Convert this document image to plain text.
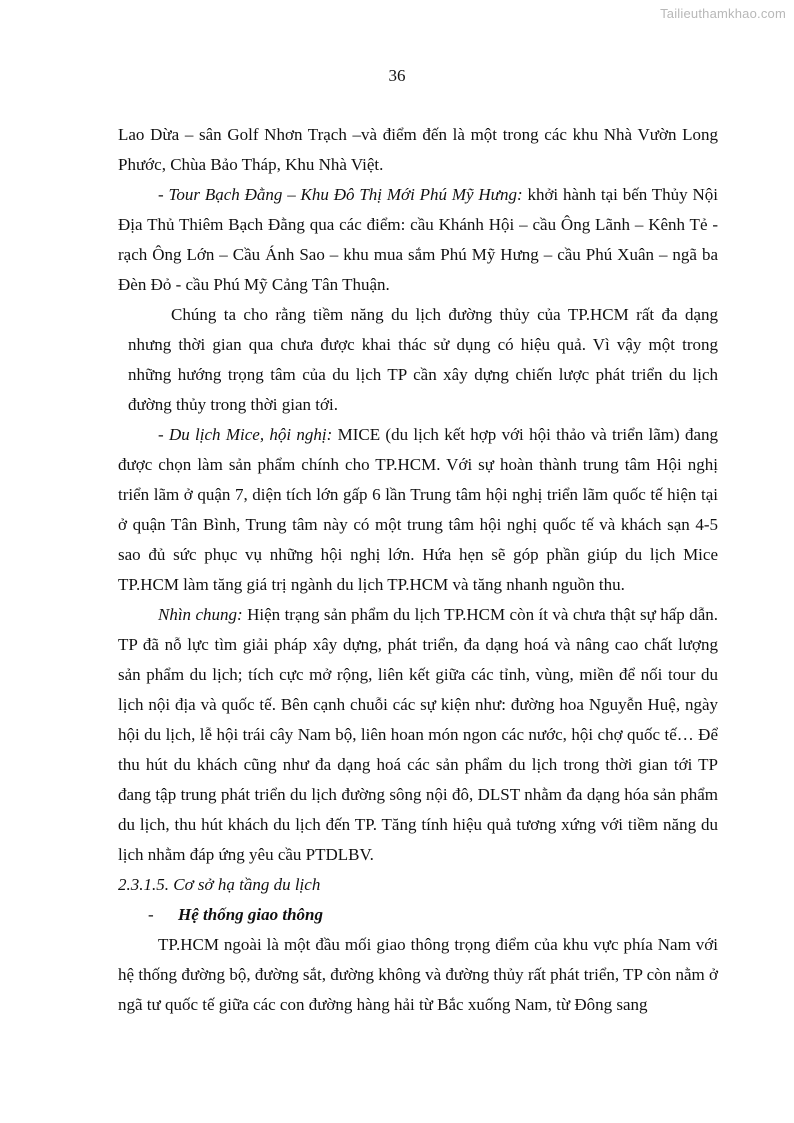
Tailieuthamkhao.com
36

Lao Dừa – sân Golf Nhơn Trạch –và điểm đến là một trong các khu Nhà Vườn Long Phước, Chùa Bảo Tháp, Khu Nhà Việt.

- Tour Bạch Đằng – Khu Đô Thị Mới Phú Mỹ Hưng: khởi hành tại bến Thủy Nội Địa Thủ Thiêm Bạch Đằng qua các điểm: cầu Khánh Hội – cầu Ông Lãnh – Kênh Tẻ - rạch Ông Lớn – Cầu Ánh Sao – khu mua sắm Phú Mỹ Hưng – cầu Phú Xuân – ngã ba Đèn Đỏ - cầu Phú Mỹ Cảng Tân Thuận.

Chúng ta cho rằng tiềm năng du lịch đường thủy của TP.HCM rất đa dạng nhưng thời gian qua chưa được khai thác sử dụng có hiệu quả. Vì vậy một trong những hướng trọng tâm của du lịch TP cần xây dựng chiến lược phát triển du lịch đường thủy trong thời gian tới.

- Du lịch Mice, hội nghị: MICE (du lịch kết hợp với hội thảo và triển lãm) đang được chọn làm sản phẩm chính cho TP.HCM. Với sự hoàn thành trung tâm Hội nghị triển lãm ở quận 7, diện tích lớn gấp 6 lần Trung tâm hội nghị triển lãm quốc tế hiện tại ở quận Tân Bình, Trung tâm này có một trung tâm hội nghị quốc tế và khách sạn 4-5 sao đủ sức phục vụ những hội nghị lớn. Hứa hẹn sẽ góp phần giúp du lịch Mice TP.HCM làm tăng giá trị ngành du lịch TP.HCM và tăng nhanh nguồn thu.

Nhìn chung: Hiện trạng sản phẩm du lịch TP.HCM còn ít và chưa thật sự hấp dẫn. TP đã nỗ lực tìm giải pháp xây dựng, phát triển, đa dạng hoá và nâng cao chất lượng sản phẩm du lịch; tích cực mở rộng, liên kết giữa các tỉnh, vùng, miền để nối tour du lịch nội địa và quốc tế. Bên cạnh chuỗi các sự kiện như: đường hoa Nguyễn Huệ, ngày hội du lịch, lễ hội trái cây Nam bộ, liên hoan món ngon các nước, hội chợ quốc tế… Để thu hút du khách cũng như đa dạng hoá các sản phẩm du lịch trong thời gian tới TP đang tập trung phát triển du lịch đường sông nội đô, DLST nhằm đa dạng hóa sản phẩm du lịch, thu hút khách du lịch đến TP. Tăng tính hiệu quả tương xứng với tiềm năng du lịch nhằm đáp ứng yêu cầu PTDLBV.

2.3.1.5. Cơ sở hạ tầng du lịch

- Hệ thống giao thông

TP.HCM ngoài là một đầu mối giao thông trọng điểm của khu vực phía Nam với hệ thống đường bộ, đường sắt, đường không và đường thủy rất phát triển, TP còn nằm ở ngã tư quốc tế giữa các con đường hàng hải từ Bắc xuống Nam, từ Đông sang
